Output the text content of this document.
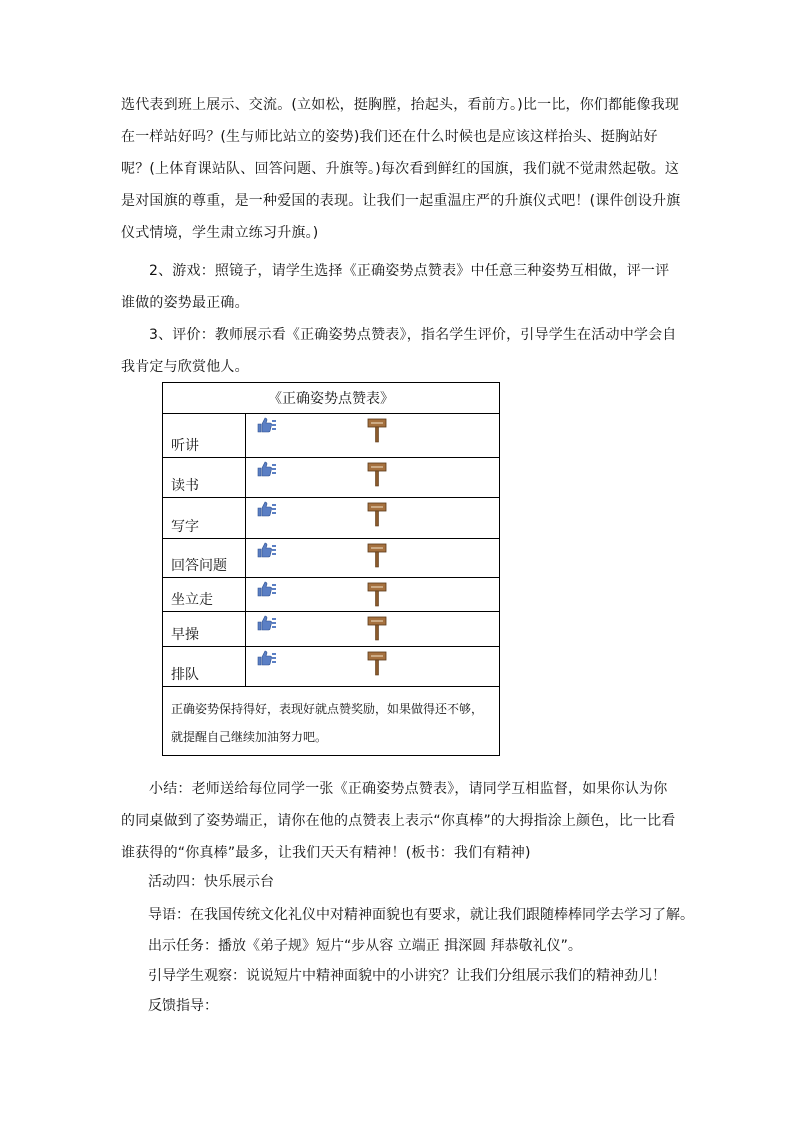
选代表到班上展示、交流。(立如松，挺胸膛，抬起头，看前方。)比一比，你们都能像我现在一样站好吗？(生与师比站立的姿势)我们还在什么时候也是应该这样抬头、挺胸站好呢？(上体育课站队、回答问题、升旗等。)每次看到鲜红的国旗，我们就不觉肃然起敬。这是对国旗的尊重，是一种爱国的表现。让我们一起重温庄严的升旗仪式吧！(课件创设升旗仪式情境，学生肃立练习升旗。)
2、游戏：照镜子，请学生选择《正确姿势点赞表》中任意三种姿势互相做，评一评谁做的姿势最正确。
3、评价：教师展示看《正确姿势点赞表》，指名学生评价，引导学生在活动中学会自我肯定与欣赏他人。
《正确姿势点赞表》	
听讲	

读书	

写字	

回答问题	

坐立走	

早操	

排队	

正确姿势保持得好，表现好就点赞奖励，如果做得还不够，就提醒自己继续加油努力吧。	
小结：老师送给每位同学一张《正确姿势点赞表》，请同学互相监督，如果你认为你的同桌做到了姿势端正，请你在他的点赞表上表示“你真棒”的大拇指涂上颜色，比一比看谁获得的“你真棒”最多，让我们天天有精神！(板书：我们有精神)
活动四：快乐展示台
导语：在我国传统文化礼仪中对精神面貌也有要求，就让我们跟随棒棒同学去学习了解。
出示任务：播放《弟子规》短片“步从容 立端正 揖深圆 拜恭敬礼仪”。
引导学生观察：说说短片中精神面貌中的小讲究？让我们分组展示我们的精神劲儿！
反馈指导：
